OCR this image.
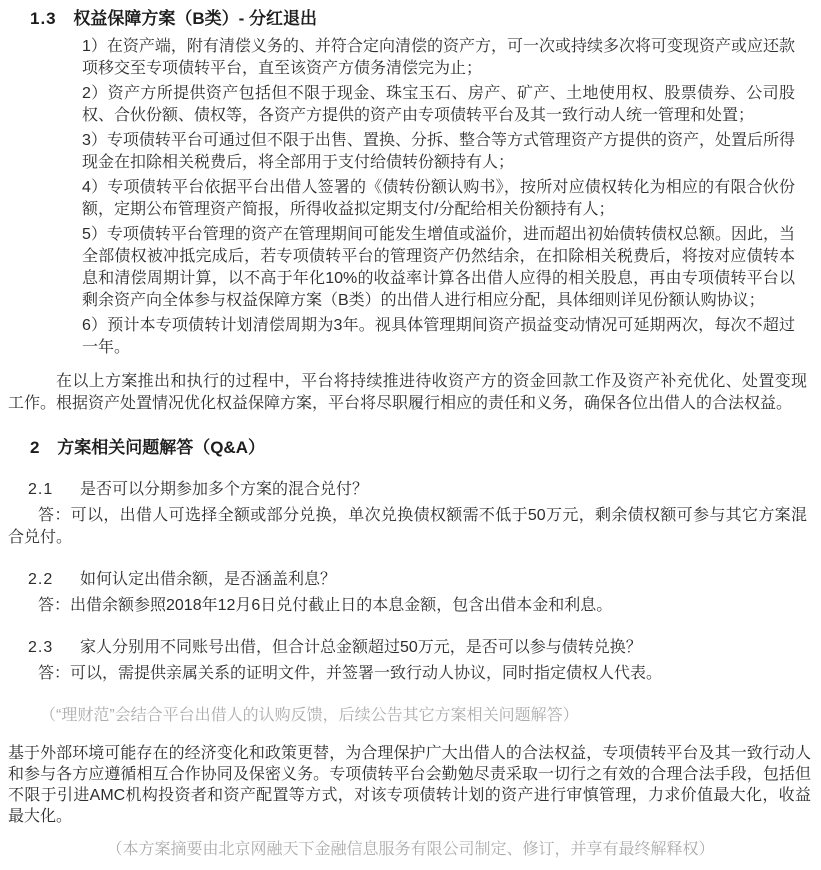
1.3 权益保障方案（B类）- 分红退出

1）在资产端，附有清偿义务的、并符合定向清偿的资产方，可一次或持续多次将可变现资产或应还款项移交至专项债转平台，直至该资产方债务清偿完为止；

2）资产方所提供资产包括但不限于现金、珠宝玉石、房产、矿产、土地使用权、股票债券、公司股权、合伙份额、债权等，各资产方提供的资产由专项债转平台及其一致行动人统一管理和处置；

3）专项债转平台可通过但不限于出售、置换、分拆、整合等方式管理资产方提供的资产，处置后所得现金在扣除相关税费后，将全部用于支付给债转份额持有人；

4）专项债转平台依据平台出借人签署的《债转份额认购书》，按所对应债权转化为相应的有限合伙份额，定期公布管理资产简报，所得收益拟定期支付/分配给相关份额持有人；

5）专项债转平台管理的资产在管理期间可能发生增值或溢价，进而超出初始债转债权总额。因此，当全部债权被冲抵完成后，若专项债转平台的管理资产仍然结余，在扣除相关税费后，将按对应债转本息和清偿周期计算，以不高于年化10%的收益率计算各出借人应得的相关股息，再由专项债转平台以剩余资产向全体参与权益保障方案（B类）的出借人进行相应分配，具体细则详见份额认购协议；

6）预计本专项债转计划清偿周期为3年。视具体管理期间资产损益变动情况可延期两次，每次不超过一年。

在以上方案推出和执行的过程中，平台将持续推进待收资产方的资金回款工作及资产补充优化、处置变现工作。根据资产处置情况优化权益保障方案，平台将尽职履行相应的责任和义务，确保各位出借人的合法权益。

2 方案相关问题解答（Q&A）
2.1	是否可以分期参加多个方案的混合兑付？

答：可以，出借人可选择全额或部分兑换，单次兑换债权额需不低于50万元，剩余债权额可参与其它方案混合兑付。

2.2	如何认定出借余额，是否涵盖利息？

答：出借余额参照2018年12月6日兑付截止日的本息金额，包含出借本金和利息。

2.3	家人分别用不同账号出借，但合计总金额超过50万元，是否可以参与债转兑换？

答：可以，需提供亲属关系的证明文件，并签署一致行动人协议，同时指定债权人代表。

（“理财范”会结合平台出借人的认购反馈，后续公告其它方案相关问题解答）

基于外部环境可能存在的经济变化和政策更替，为合理保护广大出借人的合法权益，专项债转平台及其一致行动人和参与各方应遵循相互合作协同及保密义务。专项债转平台会勤勉尽责采取一切行之有效的合理合法手段，包括但不限于引进AMC机构投资者和资产配置等方式，对该专项债转计划的资产进行审慎管理，力求价值最大化，收益最大化。

（本方案摘要由北京网融天下金融信息服务有限公司制定、修订，并享有最终解释权）
